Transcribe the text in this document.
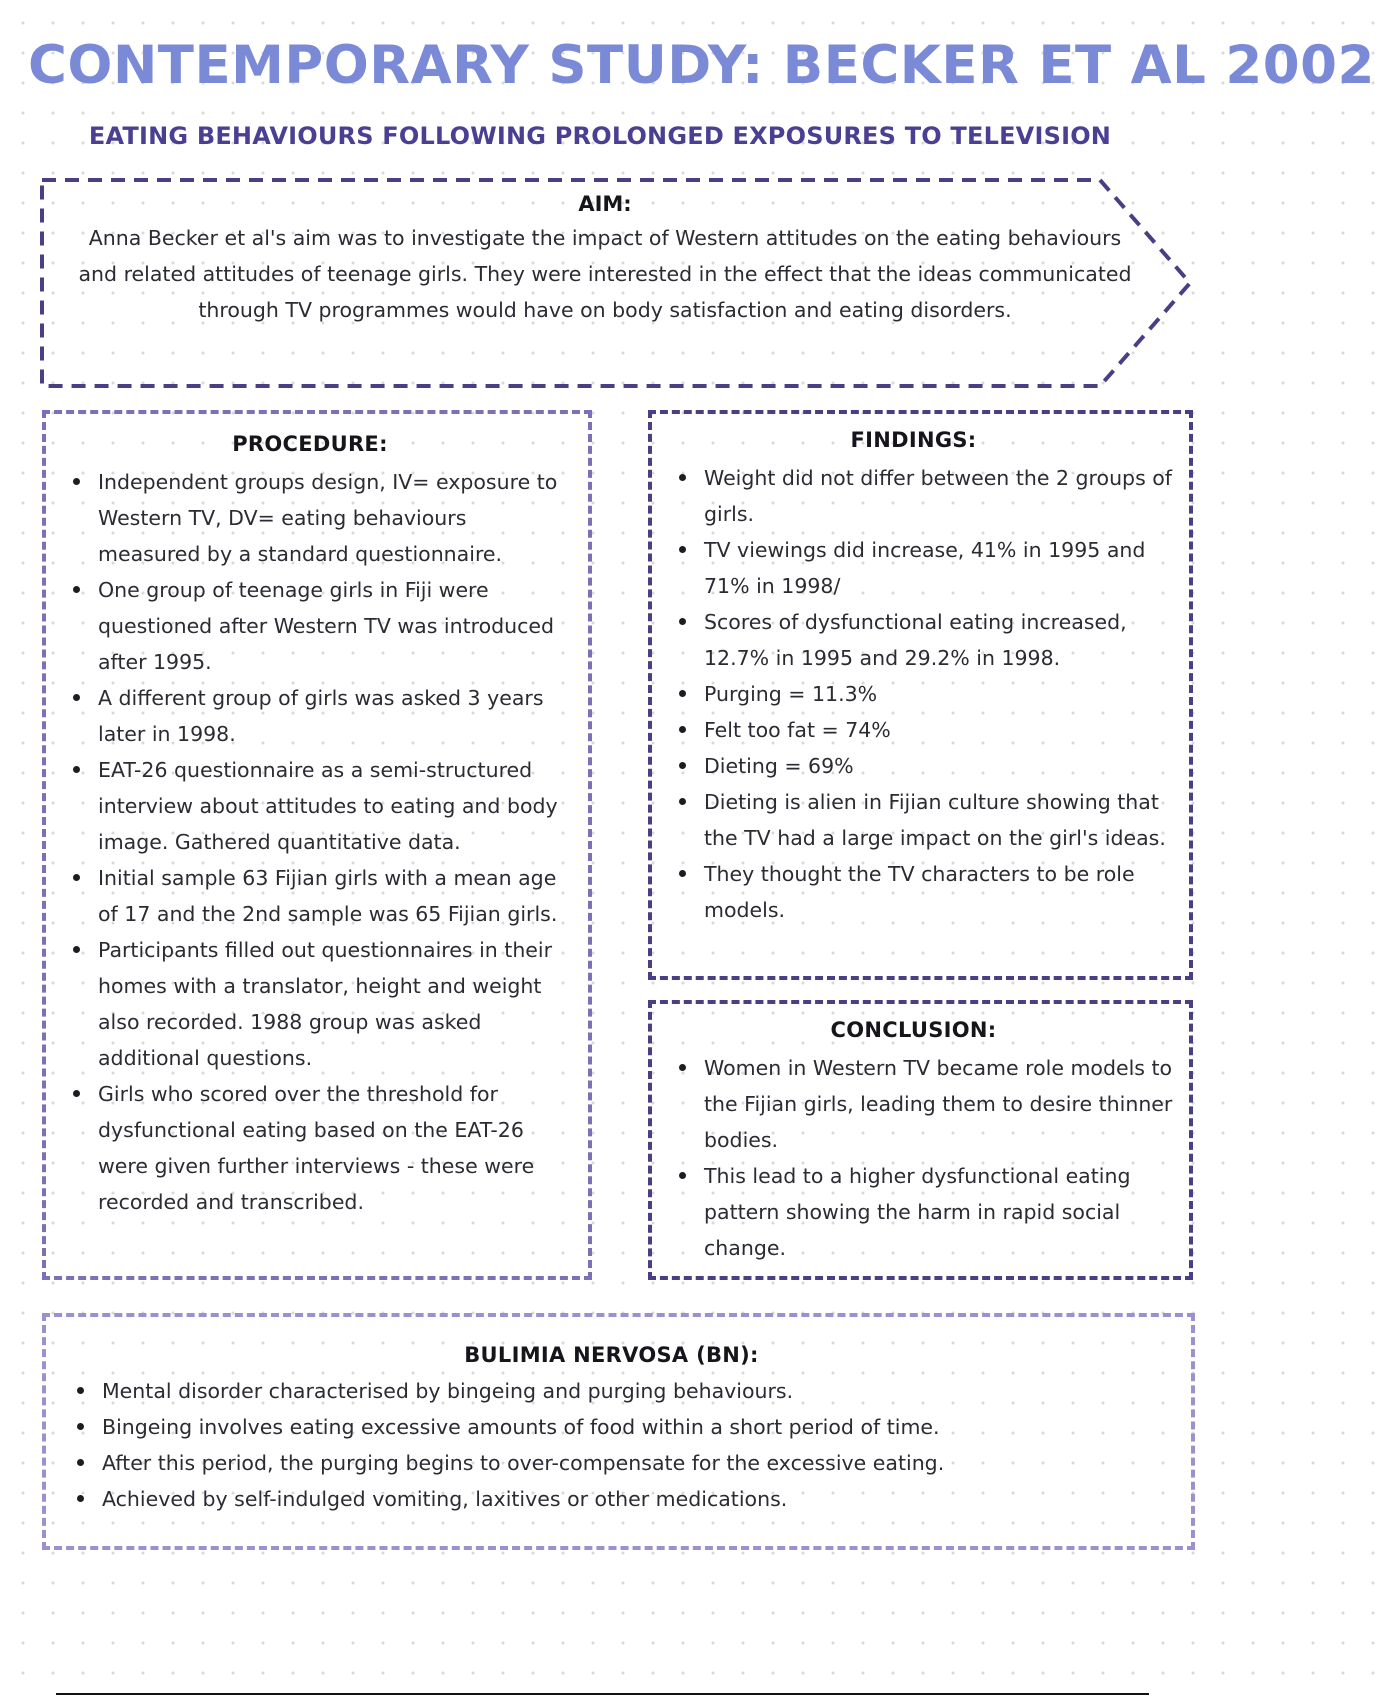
CONTEMPORARY STUDY: BECKER ET AL 2002
EATING BEHAVIOURS FOLLOWING PROLONGED EXPOSURES TO TELEVISION
AIM:

Anna Becker et al's aim was to investigate the impact of Western attitudes on the eating behaviours and related attitudes of teenage girls. They were interested in the effect that the ideas communicated through TV programmes would have on body satisfaction and eating disorders.

PROCEDURE:
Independent groups design, IV= exposure to Western TV, DV= eating behaviours measured by a standard questionnaire.
One group of teenage girls in Fiji were questioned after Western TV was introduced after 1995.
A different group of girls was asked 3 years later in 1998.
EAT-26 questionnaire as a semi-structured interview about attitudes to eating and body image. Gathered quantitative data.
Initial sample 63 Fijian girls with a mean age of 17 and the 2nd sample was 65 Fijian girls.
Participants filled out questionnaires in their homes with a translator, height and weight also recorded. 1988 group was asked additional questions.
Girls who scored over the threshold for dysfunctional eating based on the EAT-26 were given further interviews - these were recorded and transcribed.
FINDINGS:
Weight did not differ between the 2 groups of girls.
TV viewings did increase, 41% in 1995 and 71% in 1998/
Scores of dysfunctional eating increased, 12.7% in 1995 and 29.2% in 1998.
Purging = 11.3%
Felt too fat = 74%
Dieting = 69%
Dieting is alien in Fijian culture showing that the TV had a large impact on the girl's ideas.
They thought the TV characters to be role models.
CONCLUSION:
Women in Western TV became role models to the Fijian girls, leading them to desire thinner bodies.
This lead to a higher dysfunctional eating pattern showing the harm in rapid social change.
BULIMIA NERVOSA (BN):
Mental disorder characterised by bingeing and purging behaviours.
Bingeing involves eating excessive amounts of food within a short period of time.
After this period, the purging begins to over-compensate for the excessive eating.
Achieved by self-indulged vomiting, laxitives or other medications.
